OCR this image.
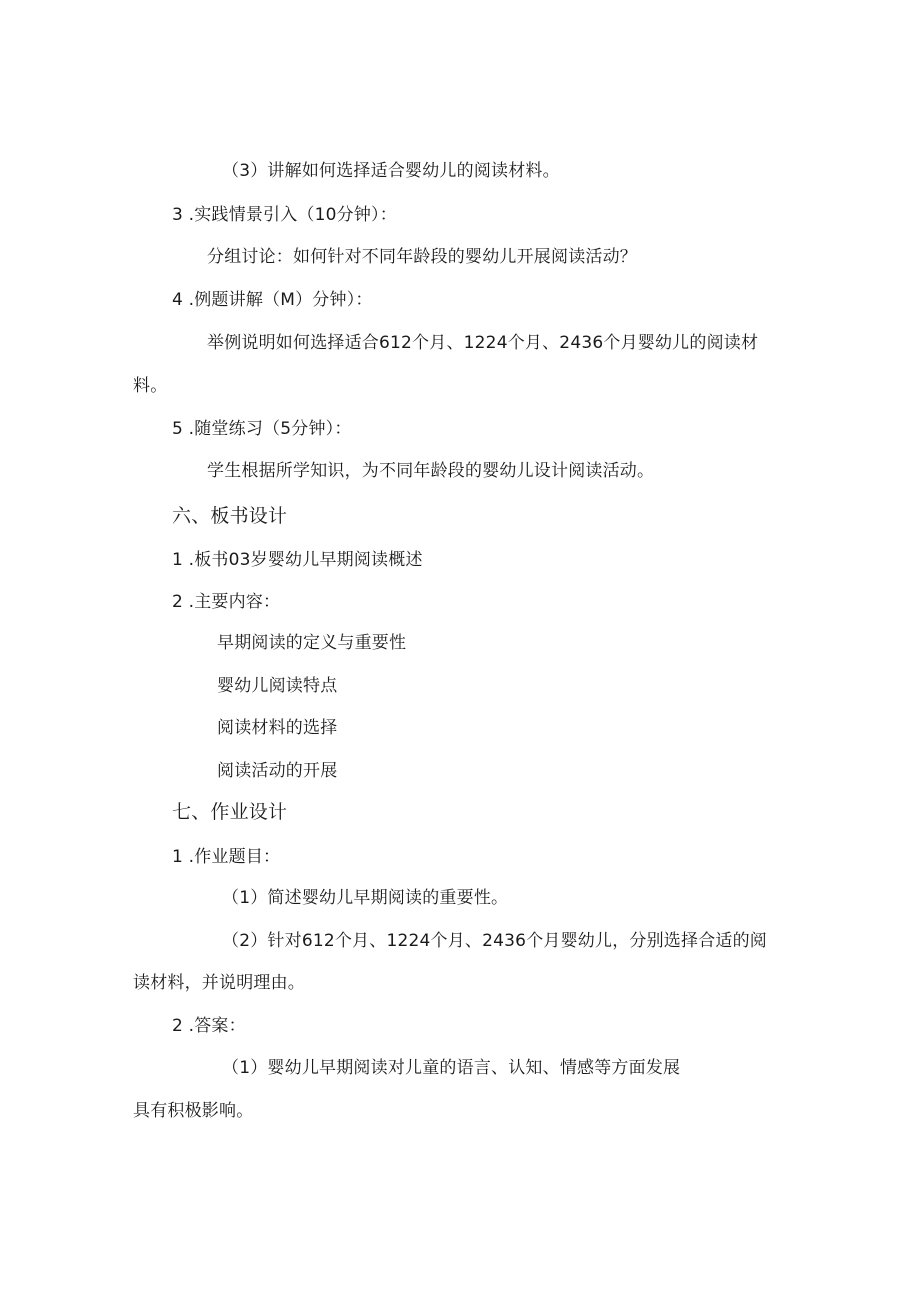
（3）讲解如何选择适合婴幼儿的阅读材料。
3 .实践情景引入（10分钟）：
分组讨论：如何针对不同年龄段的婴幼儿开展阅读活动？
4 .例题讲解（M）分钟）：
举例说明如何选择适合612个月、1224个月、2436个月婴幼儿的阅读材
料。
5 .随堂练习（5分钟）：
学生根据所学知识，为不同年龄段的婴幼儿设计阅读活动。
六、板书设计
1 .板书03岁婴幼儿早期阅读概述
2 .主要内容：
早期阅读的定义与重要性
婴幼儿阅读特点
阅读材料的选择
阅读活动的开展
七、作业设计
1 .作业题目：
（1）简述婴幼儿早期阅读的重要性。
（2）针对612个月、1224个月、2436个月婴幼儿，分别选择合适的阅
读材料，并说明理由。
2 .答案：
（1）婴幼儿早期阅读对儿童的语言、认知、情感等方面发展
具有积极影响。
